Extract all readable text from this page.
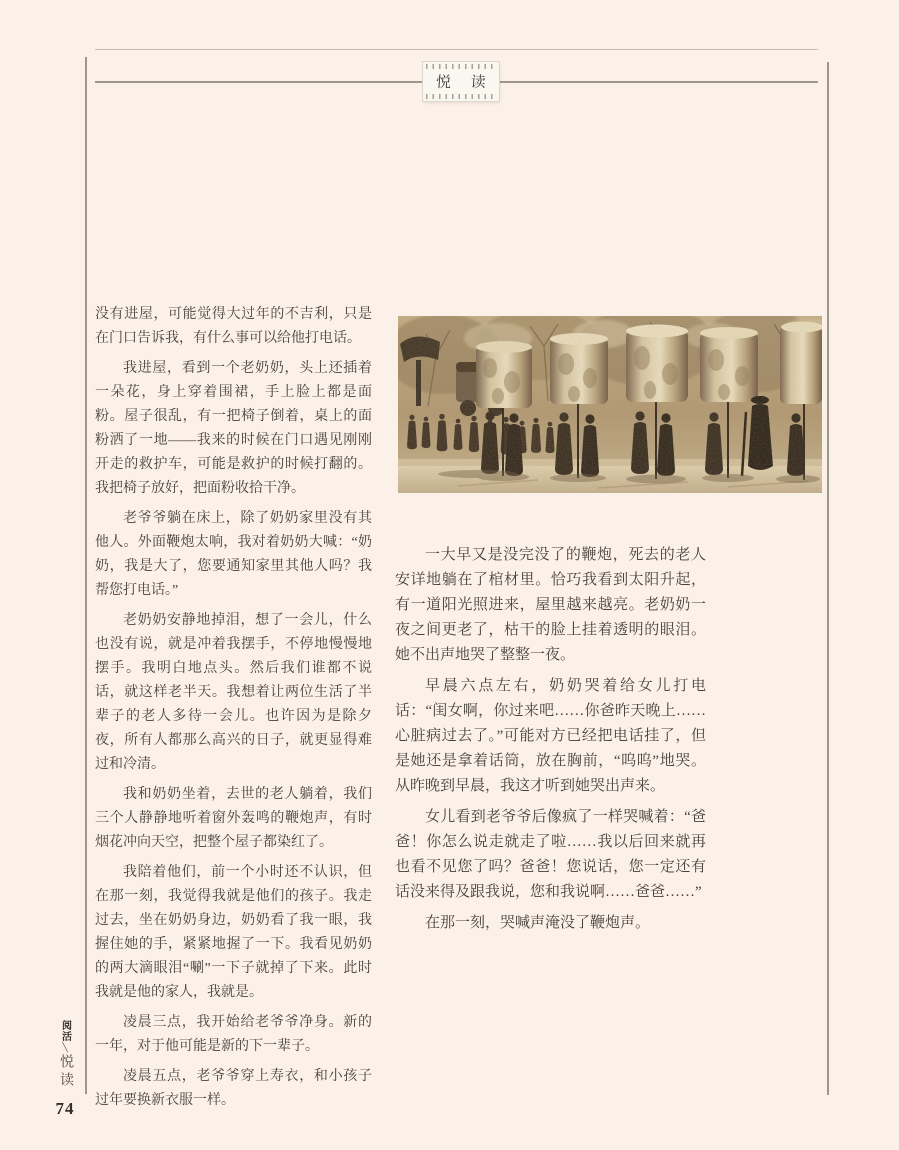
悦 读

没有进屋，可能觉得大过年的不吉利，只是在门口告诉我，有什么事可以给他打电话。

我进屋，看到一个老奶奶，头上还插着一朵花，身上穿着围裙，手上脸上都是面粉。屋子很乱，有一把椅子倒着，桌上的面粉洒了一地——我来的时候在门口遇见刚刚开走的救护车，可能是救护的时候打翻的。我把椅子放好，把面粉收拾干净。

老爷爷躺在床上，除了奶奶家里没有其他人。外面鞭炮太响，我对着奶奶大喊：“奶奶，我是大了，您要通知家里其他人吗？我帮您打电话。”

老奶奶安静地掉泪，想了一会儿，什么也没有说，就是冲着我摆手，不停地慢慢地摆手。我明白地点头。然后我们谁都不说话，就这样老半天。我想着让两位生活了半辈子的老人多待一会儿。也许因为是除夕夜，所有人都那么高兴的日子，就更显得难过和冷清。

我和奶奶坐着，去世的老人躺着，我们三个人静静地听着窗外轰鸣的鞭炮声，有时烟花冲向天空，把整个屋子都染红了。

我陪着他们，前一个小时还不认识，但在那一刻，我觉得我就是他们的孩子。我走过去，坐在奶奶身边，奶奶看了我一眼，我握住她的手，紧紧地握了一下。我看见奶奶的两大滴眼泪“唰”一下子就掉了下来。此时我就是他的家人，我就是。

凌晨三点，我开始给老爷爷净身。新的一年，对于他可能是新的下一辈子。

凌晨五点，老爷爷穿上寿衣，和小孩子过年要换新衣服一样。

一大早又是没完没了的鞭炮，死去的老人安详地躺在了棺材里。恰巧我看到太阳升起，有一道阳光照进来，屋里越来越亮。老奶奶一夜之间更老了，枯干的脸上挂着透明的眼泪。她不出声地哭了整整一夜。

早晨六点左右，奶奶哭着给女儿打电话：“闺女啊，你过来吧……你爸昨天晚上……心脏病过去了。”可能对方已经把电话挂了，但是她还是拿着话筒，放在胸前，“呜呜”地哭。从昨晚到早晨，我这才听到她哭出声来。

女儿看到老爷爷后像疯了一样哭喊着：“爸爸！你怎么说走就走了啦……我以后回来就再也看不见您了吗？爸爸！您说话，您一定还有话没来得及跟我说，您和我说啊……爸爸……”

在那一刻，哭喊声淹没了鞭炮声。

阅活
╲
悦读
74
